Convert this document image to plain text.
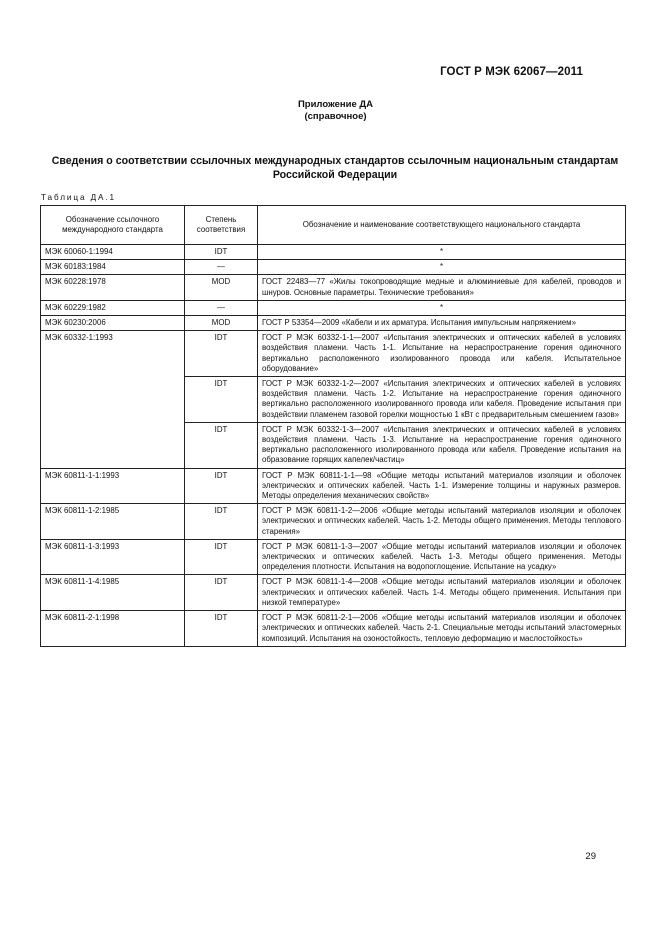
ГОСТ Р МЭК 62067—2011
Приложение ДА
(справочное)
Сведения о соответствии ссылочных международных стандартов ссылочным национальным стандартам Российской Федерации
Таблица ДА.1
Обозначение ссылочного международного стандарта	Степень соответствия	Обозначение и наименование соответствующего национального стандарта
МЭК 60060-1:1994	IDT	*
МЭК 60183:1984	—	*
МЭК 60228:1978	MOD	ГОСТ 22483—77 «Жилы токопроводящие медные и алюминиевые для кабелей, проводов и шнуров. Основные параметры. Технические требования»
МЭК 60229:1982	—	*
МЭК 60230:2006	MOD	ГОСТ Р 53354—2009 «Кабели и их арматура. Испытания импульсным напряжением»
МЭК 60332-1:1993	IDT	ГОСТ Р МЭК 60332-1-1—2007 «Испытания электрических и оптических кабелей в условиях воздействия пламени. Часть 1-1. Испытание на нераспространение горения одиночного вертикально расположенного изолированного провода или кабеля. Испытательное оборудование»
	IDT	ГОСТ Р МЭК 60332-1-2—2007 «Испытания электрических и оптических кабелей в условиях воздействия пламени. Часть 1-2. Испытание на нераспространение горения одиночного вертикально расположенного изолированного провода или кабеля. Проведение испытания при воздействии пламенем газовой горелки мощностью 1 кВт с предварительным смешением газов»
	IDT	ГОСТ Р МЭК 60332-1-3—2007 «Испытания электрических и оптических кабелей в условиях воздействия пламени. Часть 1-3. Испытание на нераспространение горения одиночного вертикально расположенного изолированного провода или кабеля. Проведение испытания на образование горящих капелек/частиц»
МЭК 60811-1-1:1993	IDT	ГОСТ Р МЭК 60811-1-1—98 «Общие методы испытаний материалов изоляции и оболочек электрических и оптических кабелей. Часть 1-1. Измерение толщины и наружных размеров. Методы определения механических свойств»
МЭК 60811-1-2:1985	IDT	ГОСТ Р МЭК 60811-1-2—2006 «Общие методы испытаний материалов изоляции и оболочек электрических и оптических кабелей. Часть 1-2. Методы общего применения. Методы теплового старения»
МЭК 60811-1-3:1993	IDT	ГОСТ Р МЭК 60811-1-3—2007 «Общие методы испытаний материалов изоляции и оболочек электрических и оптических кабелей. Часть 1-3. Методы общего применения. Методы определения плотности. Испытания на водопоглощение. Испытание на усадку»
МЭК 60811-1-4:1985	IDT	ГОСТ Р МЭК 60811-1-4—2008 «Общие методы испытаний материалов изоляции и оболочек электрических и оптических кабелей. Часть 1-4. Методы общего применения. Испытания при низкой температуре»
МЭК 60811-2-1:1998	IDT	ГОСТ Р МЭК 60811-2-1—2006 «Общие методы испытаний материалов изоляции и оболочек электрических и оптических кабелей. Часть 2-1. Специальные методы испытаний эластомерных композиций. Испытания на озоностойкость, тепловую деформацию и маслостойкость»
29
